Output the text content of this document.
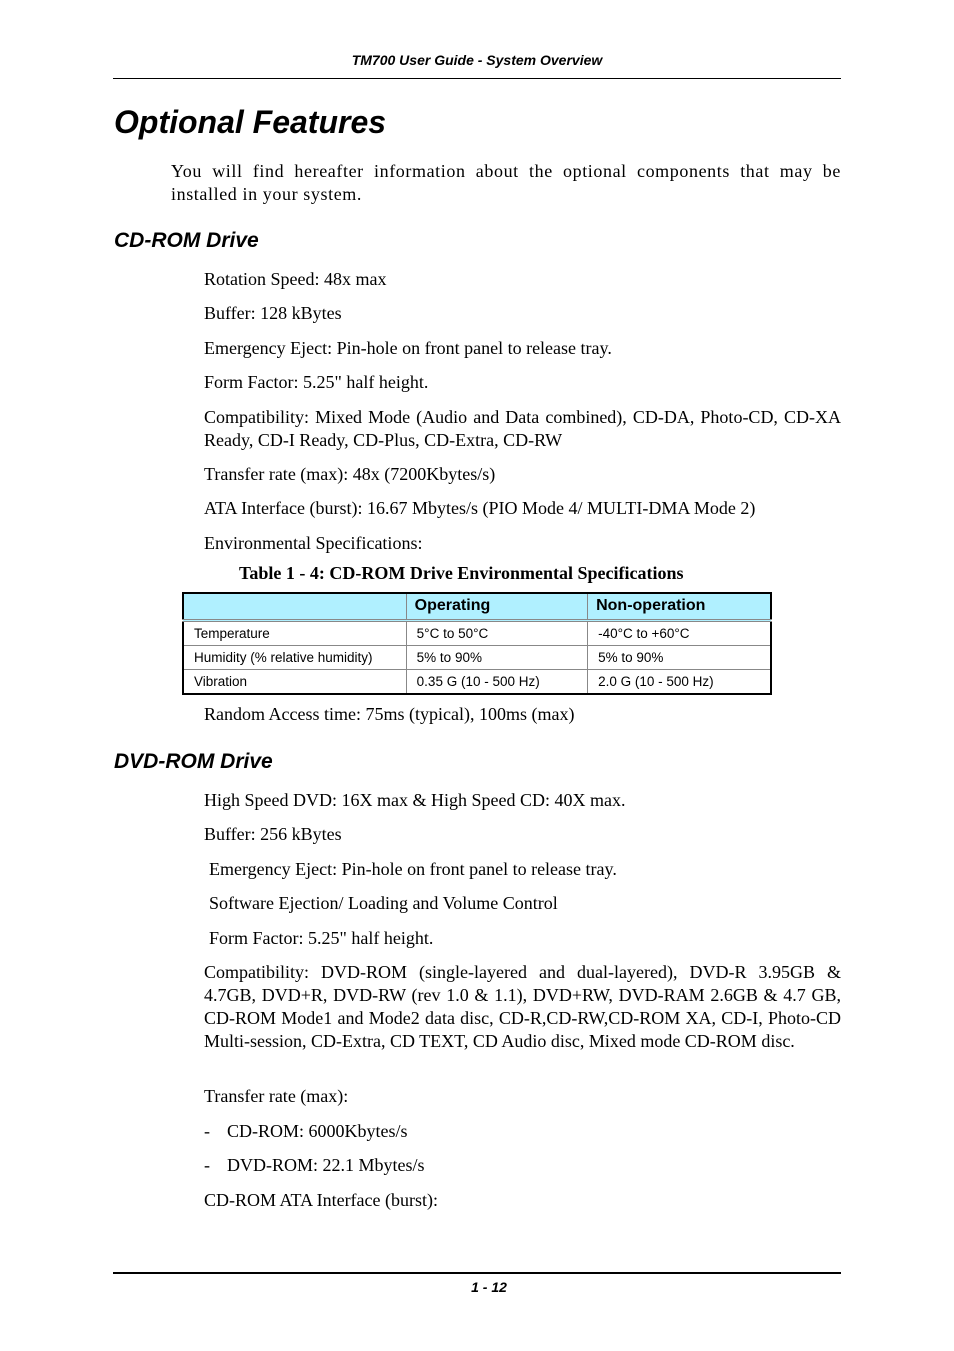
TM700 User Guide - System Overview
Optional Features

You will find hereafter information about the optional components that may be installed in your system.

CD-ROM Drive

Rotation Speed: 48x max

Buffer: 128 kBytes

Emergency Eject: Pin-hole on front panel to release tray.

Form Factor: 5.25" half height.

Compatibility: Mixed Mode (Audio and Data combined), CD-DA, Photo-CD, CD-XA Ready, CD-I Ready, CD-Plus, CD-Extra, CD-RW

Transfer rate (max): 48x (7200Kbytes/s)

ATA Interface (burst): 16.67 Mbytes/s (PIO Mode 4/ MULTI-DMA Mode 2)

Environmental Specifications:

Table 1 - 4: CD-ROM Drive Environmental Specifications

	Operating	Non-operation
Temperature	5°C to 50°C	-40°C to +60°C
Humidity (% relative humidity)	5% to 90%	5% to 90%
Vibration	0.35 G (10 - 500 Hz)	2.0 G (10 - 500 Hz)

Random Access time: 75ms (typical), 100ms (max)

DVD-ROM Drive

High Speed DVD: 16X max & High Speed CD: 40X max.

Buffer: 256 kBytes

Emergency Eject: Pin-hole on front panel to release tray.

Software Ejection/ Loading and Volume Control

Form Factor: 5.25" half height.

Compatibility: DVD-ROM (single-layered and dual-layered), DVD-R 3.95GB & 4.7GB, DVD+R, DVD-RW (rev 1.0 & 1.1), DVD+RW, DVD-RAM 2.6GB & 4.7 GB, CD-ROM Mode1 and Mode2 data disc, CD-R,CD-RW,CD-ROM XA, CD-I, Photo-CD Multi-session, CD-Extra, CD TEXT, CD Audio disc, Mixed mode CD-ROM disc.

Transfer rate (max):

- CD-ROM: 6000Kbytes/s

- DVD-ROM: 22.1 Mbytes/s

CD-ROM ATA Interface (burst):

1 - 12
